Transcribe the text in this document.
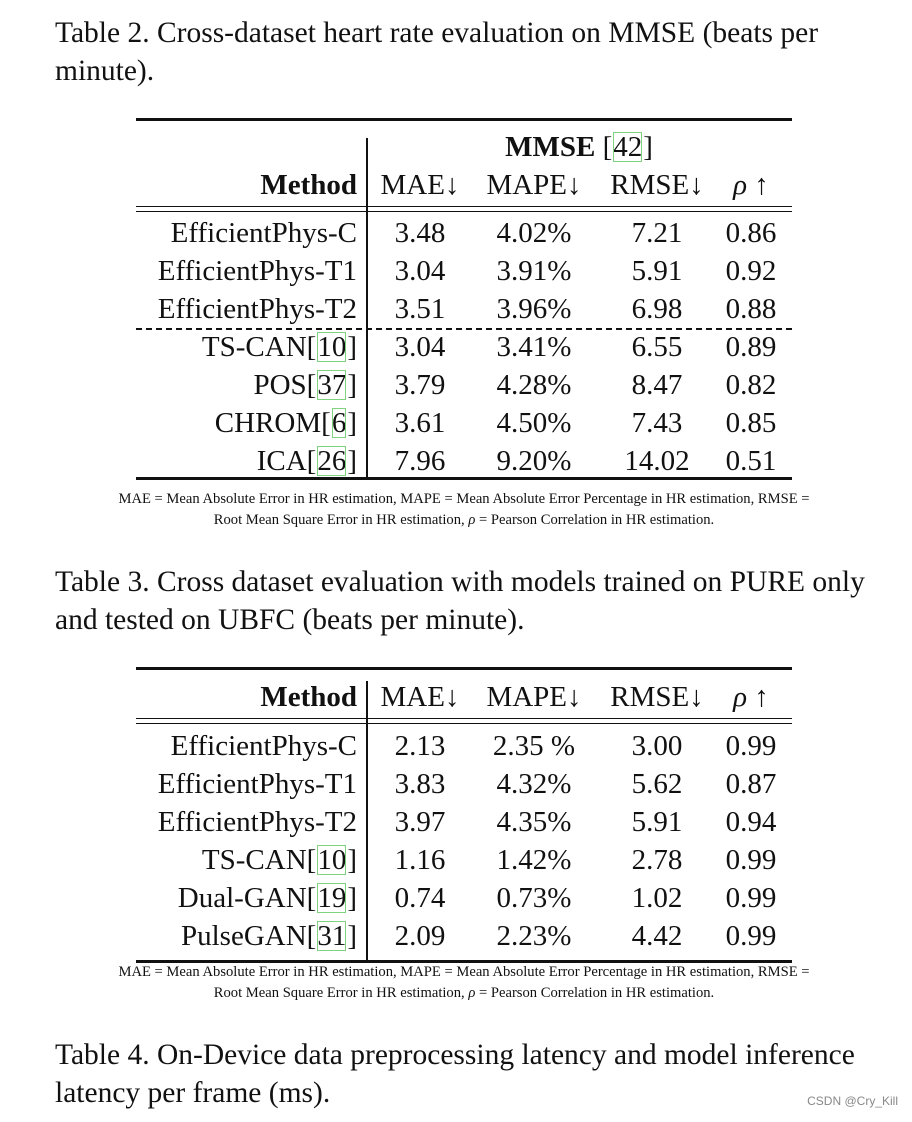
Table 2. Cross-dataset heart rate evaluation on MMSE (beats per minute).
MMSE [42]
Method MAE↓ MAPE↓ RMSE↓	ρ ↑
EfficientPhys-C	3.48	4.02%	7.21	0.86
EfficientPhys-T1	3.04	3.91%	5.91	0.92
EfficientPhys-T2	3.51	3.96%	6.98	0.88
TS-CAN[10]	3.04	3.41%	6.55	0.89
POS[37]	3.79	4.28%	8.47	0.82
CHROM[6]	3.61	4.50%	7.43	0.85
ICA[26]	7.96	9.20%	14.02	0.51
MAE = Mean Absolute Error in HR estimation, MAPE = Mean Absolute Error Percentage in HR estimation, RMSE =
Root Mean Square Error in HR estimation, ρ = Pearson Correlation in HR estimation.
Table 3. Cross dataset evaluation with models trained on PURE only and tested on UBFC (beats per minute).
Method MAE↓ MAPE↓ RMSE↓	ρ ↑
EfficientPhys-C	2.13	2.35 %	3.00	0.99
EfficientPhys-T1	3.83	4.32%	5.62	0.87
EfficientPhys-T2	3.97	4.35%	5.91	0.94
TS-CAN[10]	1.16	1.42%	2.78	0.99
Dual-GAN[19]	0.74	0.73%	1.02	0.99
PulseGAN[31]	2.09	2.23%	4.42	0.99
MAE = Mean Absolute Error in HR estimation, MAPE = Mean Absolute Error Percentage in HR estimation, RMSE =
Root Mean Square Error in HR estimation, ρ = Pearson Correlation in HR estimation.
Table 4. On-Device data preprocessing latency and model inference latency per frame (ms).	CSDN @Cry_Kill
